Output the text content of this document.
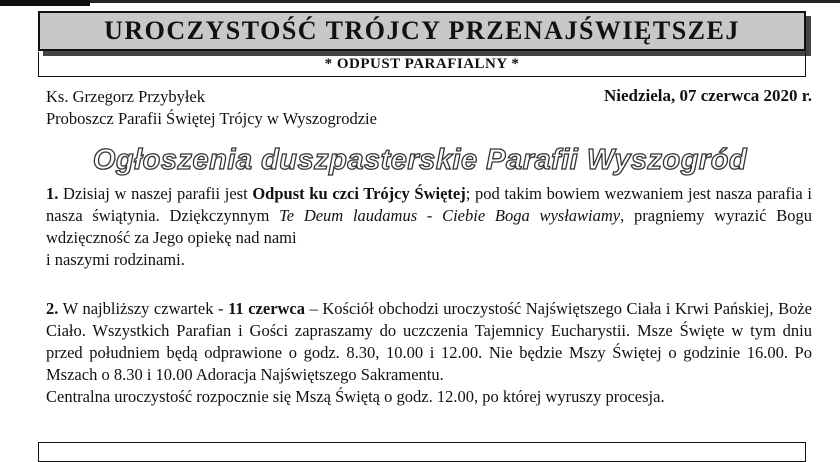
UROCZYSTOŚĆ TRÓJCY PRZENAJŚWIĘTSZEJ
* ODPUST PARAFIALNY *
Ks. Grzegorz Przybyłek
Proboszcz Parafii Świętej Trójcy w Wyszogrodzie
Niedziela, 07 czerwca 2020 r.
Ogłoszenia duszpasterskie Parafii Wyszogród
1. Dzisiaj w naszej parafii jest Odpust ku czci Trójcy Świętej; pod takim bowiem wezwaniem jest nasza parafia i nasza świątynia. Dziękczynnym Te Deum laudamus - Ciebie Boga wysławiamy, pragniemy wyrazić Bogu wdzięczność za Jego opiekę nad nami
i naszymi rodzinami.
2. W najbliższy czwartek - 11 czerwca – Kościół obchodzi uroczystość Najświętszego Ciała i Krwi Pańskiej, Boże Ciało. Wszystkich Parafian i Gości zapraszamy do uczczenia Tajemnicy Eucharystii. Msze Święte w tym dniu przed południem będą odprawione o godz. 8.30, 10.00 i 12.00. Nie będzie Mszy Świętej o godzinie 16.00. Po Mszach o 8.30 i 10.00 Adoracja Najświętszego Sakramentu.
Centralna uroczystość rozpocznie się Mszą Świętą o godz. 12.00, po której wyruszy procesja.
